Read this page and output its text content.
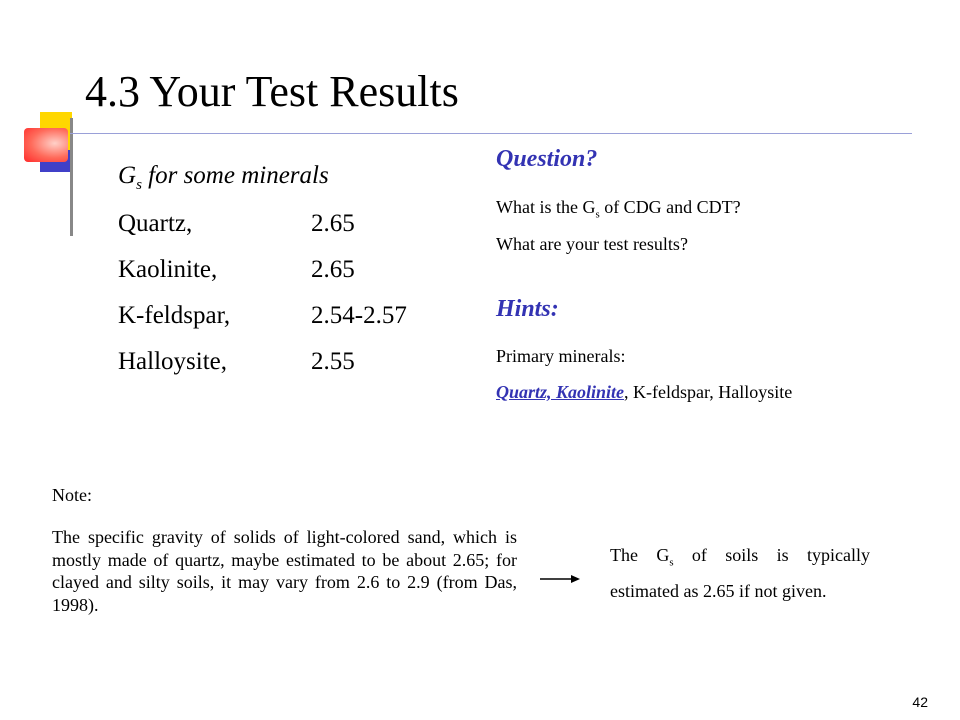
4.3 Your Test Results
$G_s$ for some minerals
Quartz,	2.65
Kaolinite,	2.65
K-feldspar,	2.54-2.57
Halloysite,	2.55
Question?
What is the $G_s$ of CDG and CDT?
What are your test results?
Hints:
Primary minerals:
Quartz, Kaolinite, K-feldspar, Halloysite
Note:
The specific gravity of solids of light-colored sand, which is mostly made of quartz, maybe estimated to be about 2.65; for clayed and silty soils, it may vary from 2.6 to 2.9 (from Das, 1998).
The $G_s$ of soils is typically estimated as 2.65 if not given.
42
